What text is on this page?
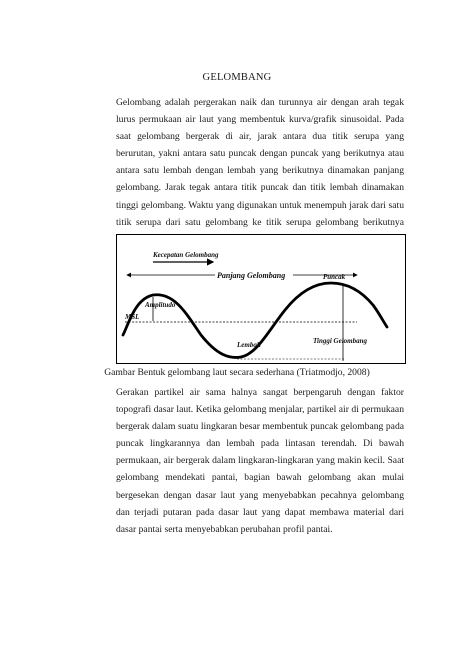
GELOMBANG

Gelombang adalah pergerakan naik dan turunnya air dengan arah tegak lurus permukaan air laut yang membentuk kurva/grafik sinusoidal. Pada saat gelombang bergerak di air, jarak antara dua titik serupa yang berurutan, yakni antara satu puncak dengan puncak yang berikutnya atau antara satu lembah dengan lembah yang berikutnya dinamakan panjang gelombang. Jarak tegak antara titik puncak dan titik lembah dinamakan tinggi gelombang. Waktu yang digunakan untuk menempuh jarak dari satu titik serupa dari satu gelombang ke titik serupa gelombang berikutnya

Kecepatan Gelombang
Panjang Gelombang
MSL
Amplitudo
Puncak
Tinggi Gelombang
Lembah
Gambar Bentuk gelombang laut secara sederhana (Triatmodjo, 2008)

Gerakan partikel air sama halnya sangat berpengaruh dengan faktor topografi dasar laut. Ketika gelombang menjalar, partikel air di permukaan bergerak dalam suatu lingkaran besar membentuk puncak gelombang pada puncak lingkarannya dan lembah pada lintasan terendah. Di bawah permukaan, air bergerak dalam lingkaran-lingkaran yang makin kecil. Saat gelombang mendekati pantai, bagian bawah gelombang akan mulai bergesekan dengan dasar laut yang menyebabkan pecahnya gelombang dan terjadi putaran pada dasar laut yang dapat membawa material dari dasar pantai serta menyebabkan perubahan profil pantai.
